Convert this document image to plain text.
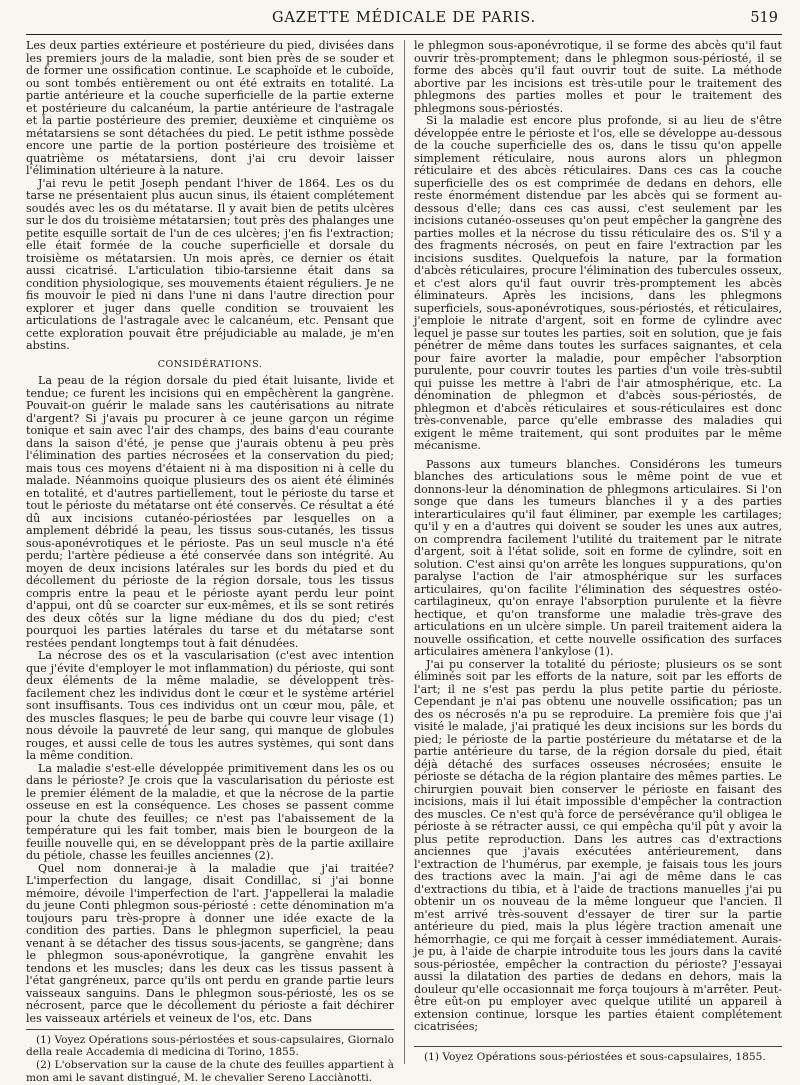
GAZETTE MÉDICALE DE PARIS.	519

Les deux parties extérieure et postérieure du pied, divisées dans les premiers jours de la maladie, sont bien près de se souder et de former une ossification continue. Le scaphoïde et le cuboïde, ou sont tombés entièrement ou ont été extraits en totalité. La partie antérieure et la couche superficielle de la partie externe et postérieure du calcanéum, la partie antérieure de l'astragale et la partie postérieure des premier, deuxième et cinquième os métatarsiens se sont détachées du pied. Le petit isthme possède encore une partie de la portion postérieure des troisième et quatrième os métatarsiens, dont j'ai cru devoir laisser l'élimination ultérieure à la nature.

J'ai revu le petit Joseph pendant l'hiver de 1864. Les os du tarse ne présentaient plus aucun sinus, ils étaient complétement soudés avec les os du métatarse. Il y avait bien de petits ulcères sur le dos du troisième métatarsien; tout près des phalanges une petite esquille sortait de l'un de ces ulcères; j'en fis l'extraction; elle était formée de la couche superficielle et dorsale du troisième os métatarsien. Un mois après, ce dernier os était aussi cicatrisé. L'articulation tibio-tarsienne était dans sa condition physiologique, ses mouvements étaient réguliers. Je ne fis mouvoir le pied ni dans l'une ni dans l'autre direction pour explorer et juger dans quelle condition se trouvaient les articulations de l'astragale avec le calcanéum, etc. Pensant que cette exploration pouvait être préjudiciable au malade, je m'en abstins.

CONSIDÉRATIONS.

La peau de la région dorsale du pied était luisante, livide et tendue; ce furent les incisions qui en empêchèrent la gangrène. Pouvait-on guérir le malade sans les cautérisations au nitrate d'argent? Si j'avais pu procurer à ce jeune garçon un régime tonique et sain avec l'air des champs, des bains d'eau courante dans la saison d'été, je pense que j'aurais obtenu à peu près l'élimination des parties nécrosées et la conservation du pied; mais tous ces moyens d'étaient ni à ma disposition ni à celle du malade. Néanmoins quoique plusieurs des os aient été éliminés en totalité, et d'autres partiellement, tout le périoste du tarse et tout le périoste du métatarse ont été conservés. Ce résultat a été dû aux incisions cutanéo-périostées par lesquelles on a amplement débridé la peau, les tissus sous-cutanés, les tissus sous-aponévrotiques et le périoste. Pas un seul muscle n'a été perdu; l'artère pédieuse a été conservée dans son intégrité. Au moyen de deux incisions latérales sur les bords du pied et du décollement du périoste de la région dorsale, tous les tissus compris entre la peau et le périoste ayant perdu leur point d'appui, ont dû se coarcter sur eux-mêmes, et ils se sont retirés des deux côtés sur la ligne médiane du dos du pied; c'est pourquoi les parties latérales du tarse et du métatarse sont restées pendant longtemps tout à fait dénudées.

La nécrose des os et la vascularisation (c'est avec intention que j'évite d'employer le mot inflammation) du périoste, qui sont deux éléments de la même maladie, se développent très-facilement chez les individus dont le cœur et le système artériel sont insuffisants. Tous ces individus ont un cœur mou, pâle, et des muscles flasques; le peu de barbe qui couvre leur visage (1) nous dévoile la pauvreté de leur sang, qui manque de globules rouges, et aussi celle de tous les autres systèmes, qui sont dans la même condition.

La maladie s'est-elle développée primitivement dans les os ou dans le périoste? Je crois que la vascularisation du périoste est le premier élément de la maladie, et que la nécrose de la partie osseuse en est la conséquence. Les choses se passent comme pour la chute des feuilles; ce n'est pas l'abaissement de la température qui les fait tomber, mais bien le bourgeon de la feuille nouvelle qui, en se développant près de la partie axillaire du pétiole, chasse les feuilles anciennes (2).

Quel nom donnerai-je à la maladie que j'ai traitée? L'imperfection du langage, disait Condillac, si j'ai bonne mémoire, dévoile l'imperfection de l'art. J'appellerai la maladie du jeune Conti phlegmon sous-périosté : cette dénomination m'a toujours paru très-propre à donner une idée exacte de la condition des parties. Dans le phlegmon superficiel, la peau venant à se détacher des tissus sous-jacents, se gangrène; dans le phlegmon sous-aponévrotique, la gangrène envahit les tendons et les muscles; dans les deux cas les tissus passent à l'état gangréneux, parce qu'ils ont perdu en grande partie leurs vaisseaux sanguins. Dans le phlegmon sous-périosté, les os se nécrosent, parce que le décollement du périoste a fait déchirer les vaisseaux artériels et veineux de l'os, etc. Dans

(1) Voyez Opérations sous-périostées et sous-capsulaires, Giornalo della reale Accademia di medicina di Torino, 1855.

(2) L'observation sur la cause de la chute des feuilles appartient à mon ami le savant distingué, M. le chevalier Sereno Lacciànotti.

le phlegmon sous-aponévrotique, il se forme des abcès qu'il faut ouvrir très-promptement; dans le phlegmon sous-périosté, il se forme des abcès qu'il faut ouvrir tout de suite. La méthode abortive par les incisions est très-utile pour le traitement des phlegmons des parties molles et pour le traitement des phlegmons sous-périostés.

Si la maladie est encore plus profonde, si au lieu de s'être développée entre le périoste et l'os, elle se développe au-dessous de la couche superficielle des os, dans le tissu qu'on appelle simplement réticulaire, nous aurons alors un phlegmon réticulaire et des abcès réticulaires. Dans ces cas la couche superficielle des os est comprimée de dedans en dehors, elle reste énormément distendue par les abcès qui se forment au-dessous d'elle; dans ces cas aussi, c'est seulement par les incisions cutanéo-osseuses qu'on peut empêcher la gangrène des parties molles et la nécrose du tissu réticulaire des os. S'il y a des fragments nécrosés, on peut en faire l'extraction par les incisions susdites. Quelquefois la nature, par la formation d'abcès réticulaires, procure l'élimination des tubercules osseux, et c'est alors qu'il faut ouvrir très-promptement les abcès éliminateurs. Après les incisions, dans les phlegmons superficiels, sous-aponévrotiques, sous-périostés, et réticulaires, j'emploie le nitrate d'argent, soit en forme de cylindre avec lequel je passe sur toutes les parties, soit en solution, que je fais pénétrer de même dans toutes les surfaces saignantes, et cela pour faire avorter la maladie, pour empêcher l'absorption purulente, pour couvrir toutes les parties d'un voile très-subtil qui puisse les mettre à l'abri de l'air atmosphérique, etc. La dénomination de phlegmon et d'abcès sous-périostés, de phlegmon et d'abcès réticulaires et sous-réticulaires est donc très-convenable, parce qu'elle embrasse des maladies qui exigent le même traitement, qui sont produites par le même mécanisme.

Passons aux tumeurs blanches. Considérons les tumeurs blanches des articulations sous le même point de vue et donnons-leur la dénomination de phlegmons articulaires. Si l'on songe que dans les tumeurs blanches il y a des parties interarticulaires qu'il faut éliminer, par exemple les cartilages; qu'il y en a d'autres qui doivent se souder les unes aux autres, on comprendra facilement l'utilité du traitement par le nitrate d'argent, soit à l'état solide, soit en forme de cylindre, soit en solution. C'est ainsi qu'on arrête les longues suppurations, qu'on paralyse l'action de l'air atmosphérique sur les surfaces articulaires, qu'on facilite l'élimination des séquestres ostéo-cartilagineux, qu'on enraye l'absorption purulente et la fièvre hectique, et qu'on transforme une maladie très-grave des articulations en un ulcère simple. Un pareil traitement aidera la nouvelle ossification, et cette nouvelle ossification des surfaces articulaires amènera l'ankylose (1).

J'ai pu conserver la totalité du périoste; plusieurs os se sont éliminés soit par les efforts de la nature, soit par les efforts de l'art; il ne s'est pas perdu la plus petite partie du périoste. Cependant je n'ai pas obtenu une nouvelle ossification; pas un des os nécrosés n'a pu se reproduire. La première fois que j'ai visité le malade, j'ai pratiqué les deux incisions sur les bords du pied; le périoste de la partie postérieure du métatarse et de la partie antérieure du tarse, de la région dorsale du pied, était déjà détaché des surfaces osseuses nécrosées; ensuite le périoste se détacha de la région plantaire des mêmes parties. Le chirurgien pouvait bien conserver le périoste en faisant des incisions, mais il lui était impossible d'empêcher la contraction des muscles. Ce n'est qu'à force de persévérance qu'il obligea le périoste à se rétracter aussi, ce qui empêcha qu'il pût y avoir la plus petite reproduction. Dans les autres cas d'extractions anciennes que j'avais exécutées antérieurement, dans l'extraction de l'humérus, par exemple, je faisais tous les jours des tractions avec la main. J'ai agi de même dans le cas d'extractions du tibia, et à l'aide de tractions manuelles j'ai pu obtenir un os nouveau de la même longueur que l'ancien. Il m'est arrivé très-souvent d'essayer de tirer sur la partie antérieure du pied, mais la plus légère traction amenait une hémorrhagie, ce qui me forçait à cesser immédiatement. Aurais-je pu, à l'aide de charpie introduite tous les jours dans la cavité sous-périostée, empêcher la contraction du périoste? J'essayai aussi la dilatation des parties de dedans en dehors, mais la douleur qu'elle occasionnait me força toujours à m'arrêter. Peut-être eût-on pu employer avec quelque utilité un appareil à extension continue, lorsque les parties étaient complétement cicatrisées;

(1) Voyez Opérations sous-périostées et sous-capsulaires, 1855.
